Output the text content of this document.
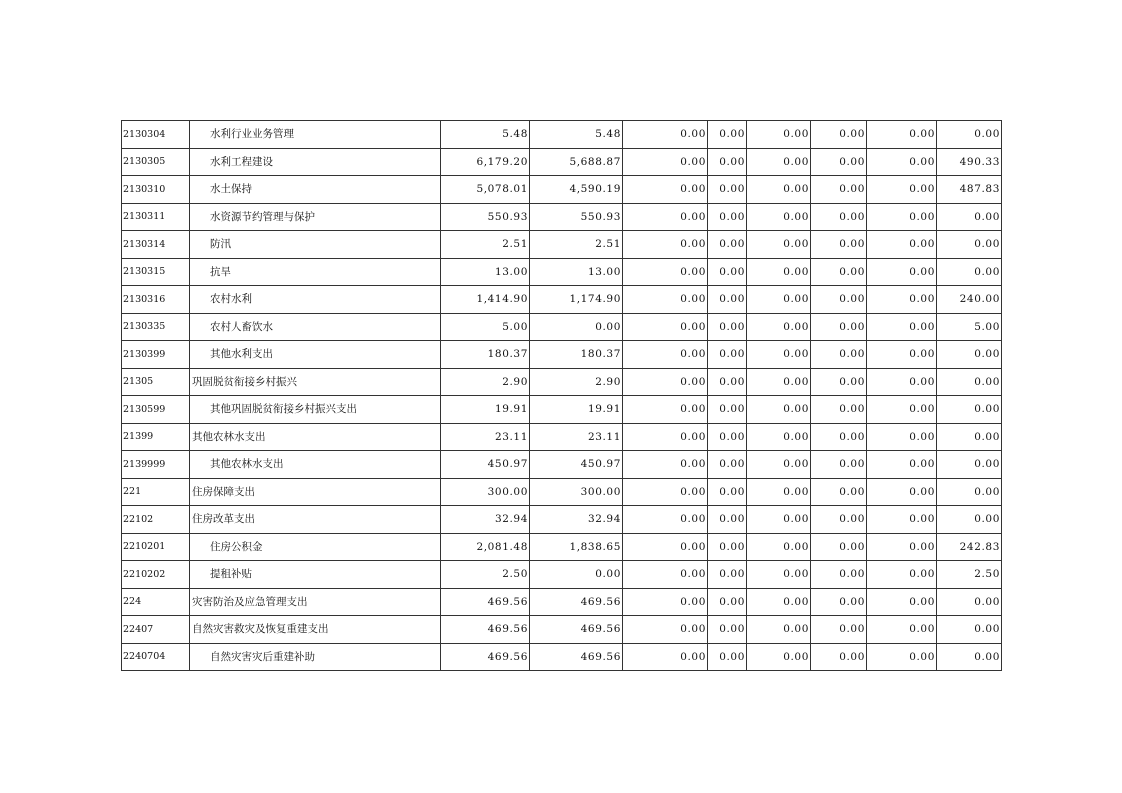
2130304	水利行业业务管理	5.48	5.48	0.00	0.00	0.00	0.00	0.00	0.00
2130305	水利工程建设	6,179.20	5,688.87	0.00	0.00	0.00	0.00	0.00	490.33
2130310	水土保持	5,078.01	4,590.19	0.00	0.00	0.00	0.00	0.00	487.83
2130311	水资源节约管理与保护	550.93	550.93	0.00	0.00	0.00	0.00	0.00	0.00
2130314	防汛	2.51	2.51	0.00	0.00	0.00	0.00	0.00	0.00
2130315	抗旱	13.00	13.00	0.00	0.00	0.00	0.00	0.00	0.00
2130316	农村水利	1,414.90	1,174.90	0.00	0.00	0.00	0.00	0.00	240.00
2130335	农村人畜饮水	5.00	0.00	0.00	0.00	0.00	0.00	0.00	5.00
2130399	其他水利支出	180.37	180.37	0.00	0.00	0.00	0.00	0.00	0.00
21305	巩固脱贫衔接乡村振兴	2.90	2.90	0.00	0.00	0.00	0.00	0.00	0.00
2130599	其他巩固脱贫衔接乡村振兴支出	19.91	19.91	0.00	0.00	0.00	0.00	0.00	0.00
21399	其他农林水支出	23.11	23.11	0.00	0.00	0.00	0.00	0.00	0.00
2139999	其他农林水支出	450.97	450.97	0.00	0.00	0.00	0.00	0.00	0.00
221	住房保障支出	300.00	300.00	0.00	0.00	0.00	0.00	0.00	0.00
22102	住房改革支出	32.94	32.94	0.00	0.00	0.00	0.00	0.00	0.00
2210201	住房公积金	2,081.48	1,838.65	0.00	0.00	0.00	0.00	0.00	242.83
2210202	提租补贴	2.50	0.00	0.00	0.00	0.00	0.00	0.00	2.50
224	灾害防治及应急管理支出	469.56	469.56	0.00	0.00	0.00	0.00	0.00	0.00
22407	自然灾害救灾及恢复重建支出	469.56	469.56	0.00	0.00	0.00	0.00	0.00	0.00
2240704	自然灾害灾后重建补助	469.56	469.56	0.00	0.00	0.00	0.00	0.00	0.00
